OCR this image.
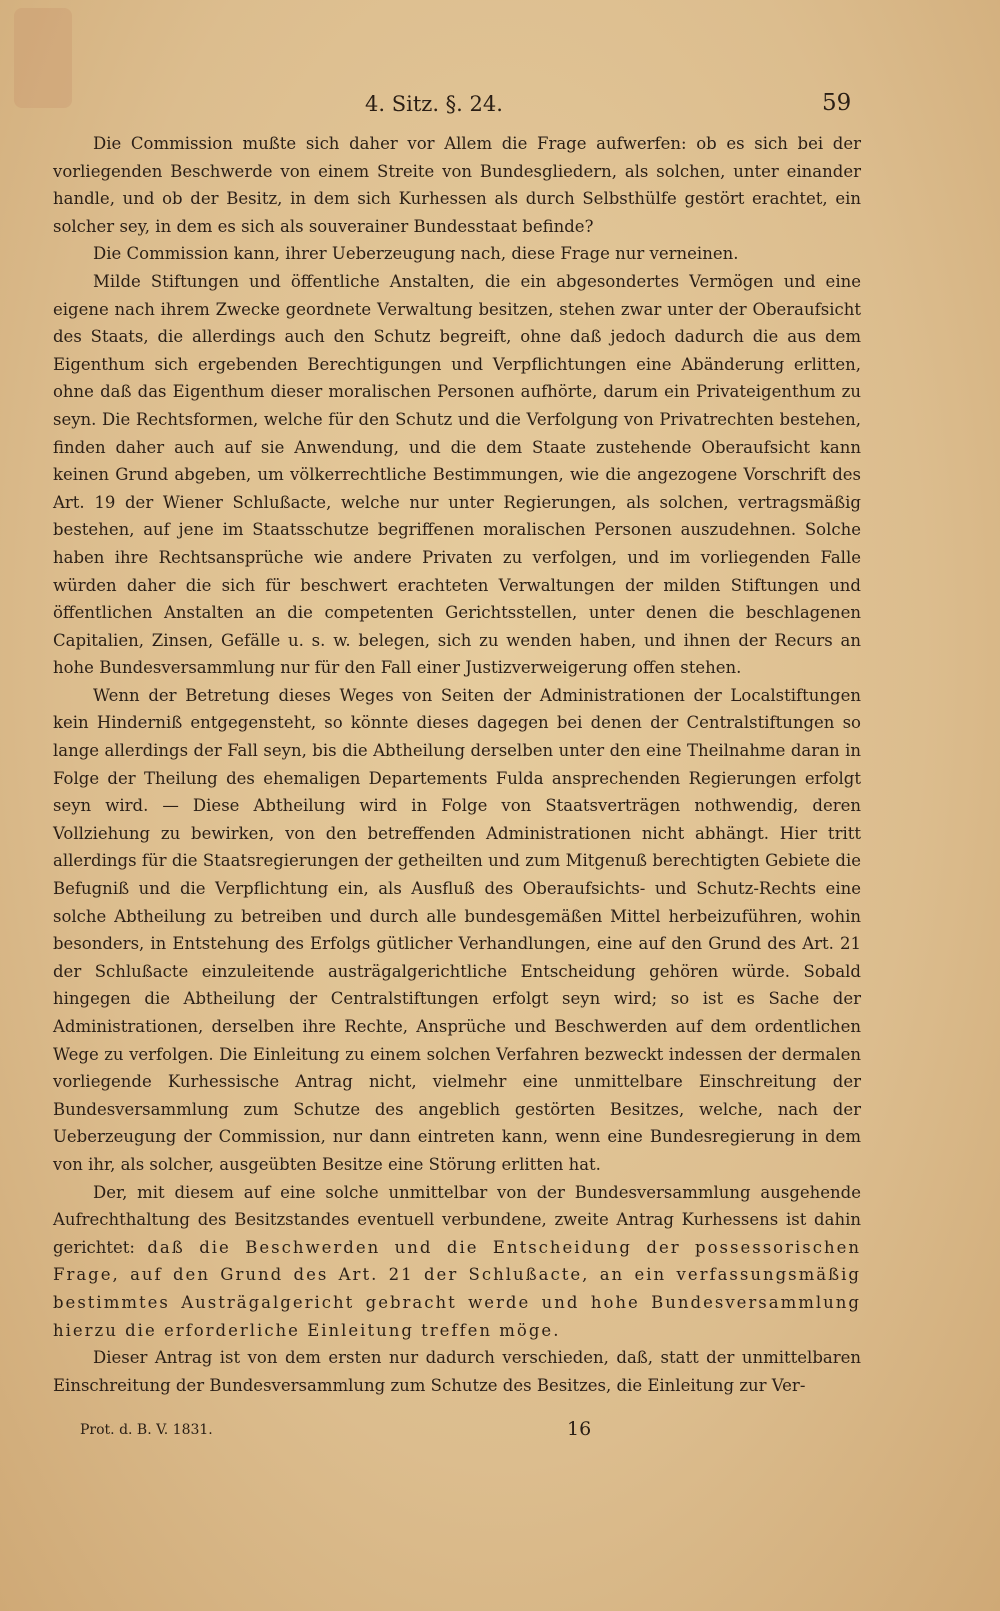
4. Sitz. §. 24.	59

Die Commission mußte sich daher vor Allem die Frage aufwerfen: ob es sich bei der vorliegenden Beschwerde von einem Streite von Bundesgliedern, als solchen, unter einander handle, und ob der Besitz, in dem sich Kurhessen als durch Selbsthülfe gestört erachtet, ein solcher sey, in dem es sich als souverainer Bundesstaat befinde?

Die Commission kann, ihrer Ueberzeugung nach, diese Frage nur verneinen.

Milde Stiftungen und öffentliche Anstalten, die ein abgesondertes Vermögen und eine eigene nach ihrem Zwecke geordnete Verwaltung besitzen, stehen zwar unter der Oberaufsicht des Staats, die allerdings auch den Schutz begreift, ohne daß jedoch dadurch die aus dem Eigenthum sich ergebenden Berechtigungen und Verpflichtungen eine Abänderung erlitten, ohne daß das Eigenthum dieser moralischen Personen aufhörte, darum ein Privateigenthum zu seyn. Die Rechtsformen, welche für den Schutz und die Verfolgung von Privatrechten bestehen, finden daher auch auf sie Anwendung, und die dem Staate zustehende Oberaufsicht kann keinen Grund abgeben, um völkerrechtliche Bestimmungen, wie die angezogene Vorschrift des Art. 19 der Wiener Schlußacte, welche nur unter Regierungen, als solchen, vertragsmäßig bestehen, auf jene im Staatsschutze begriffenen moralischen Personen auszudehnen. Solche haben ihre Rechtsansprüche wie andere Privaten zu verfolgen, und im vorliegenden Falle würden daher die sich für beschwert erachteten Verwaltungen der milden Stiftungen und öffentlichen Anstalten an die competenten Gerichtsstellen, unter denen die beschlagenen Capitalien, Zinsen, Gefälle u. s. w. belegen, sich zu wenden haben, und ihnen der Recurs an hohe Bundesversammlung nur für den Fall einer Justizverweigerung offen stehen.

Wenn der Betretung dieses Weges von Seiten der Administrationen der Localstiftungen kein Hinderniß entgegensteht, so könnte dieses dagegen bei denen der Centralstiftungen so lange allerdings der Fall seyn, bis die Abtheilung derselben unter den eine Theilnahme daran in Folge der Theilung des ehemaligen Departements Fulda ansprechenden Regierungen erfolgt seyn wird. — Diese Abtheilung wird in Folge von Staatsverträgen nothwendig, deren Vollziehung zu bewirken, von den betreffenden Administrationen nicht abhängt. Hier tritt allerdings für die Staatsregierungen der getheilten und zum Mitgenuß berechtigten Gebiete die Befugniß und die Verpflichtung ein, als Ausfluß des Oberaufsichts- und Schutz-Rechts eine solche Abtheilung zu betreiben und durch alle bundesgemäßen Mittel herbeizuführen, wohin besonders, in Entstehung des Erfolgs gütlicher Verhandlungen, eine auf den Grund des Art. 21 der Schlußacte einzuleitende austrägalgerichtliche Entscheidung gehören würde. Sobald hingegen die Abtheilung der Centralstiftungen erfolgt seyn wird; so ist es Sache der Administrationen, derselben ihre Rechte, Ansprüche und Beschwerden auf dem ordentlichen Wege zu verfolgen. Die Einleitung zu einem solchen Verfahren bezweckt indessen der dermalen vorliegende Kurhessische Antrag nicht, vielmehr eine unmittelbare Einschreitung der Bundesversammlung zum Schutze des angeblich gestörten Besitzes, welche, nach der Ueberzeugung der Commission, nur dann eintreten kann, wenn eine Bundesregierung in dem von ihr, als solcher, ausgeübten Besitze eine Störung erlitten hat.

Der, mit diesem auf eine solche unmittelbar von der Bundesversammlung ausgehende Aufrechthaltung des Besitzstandes eventuell verbundene, zweite Antrag Kurhessens ist dahin gerichtet: daß die Beschwerden und die Entscheidung der possessorischen Frage, auf den Grund des Art. 21 der Schlußacte, an ein verfassungsmäßig bestimmtes Austrägalgericht gebracht werde und hohe Bundesversammlung hierzu die erforderliche Einleitung treffen möge.

Dieser Antrag ist von dem ersten nur dadurch verschieden, daß, statt der unmittelbaren Einschreitung der Bundesversammlung zum Schutze des Besitzes, die Einleitung zur Ver-

Prot. d. B. V. 1831.	16
